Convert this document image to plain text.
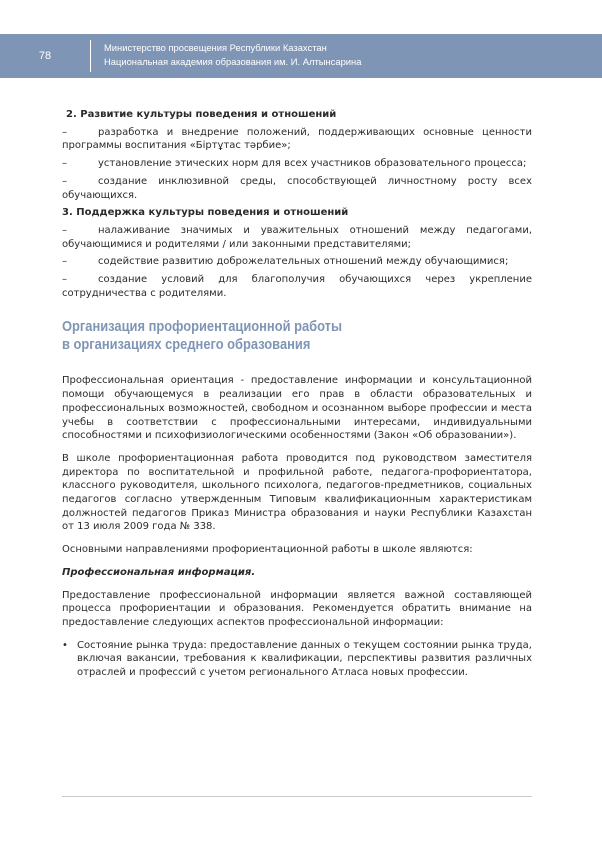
78
Министерство просвещения Республики Казахстан
Национальная академия образования им. И. Алтынсарина
2. Развитие культуры поведения и отношений
–	разработка и внедрение положений, поддерживающих основные ценности программы воспитания «Біртұтас тәрбие»;
–	установление этических норм для всех участников образовательного процесса;
–	создание инклюзивной среды, способствующей личностному росту всех обучающихся.
3. Поддержка культуры поведения и отношений
–	налаживание значимых и уважительных отношений между педагогами, обучающимися и родителями / или законными представителями;
–	содействие развитию доброжелательных отношений между обучающимися;
–	создание условий для благополучия обучающихся через укрепление сотрудничества с родителями.
Организация профориентационной работы
в организациях среднего образования

Профессиональная ориентация - предоставление информации и консультационной помощи обучающемуся в реализации его прав в области образовательных и профессиональных возможностей, свободном и осознанном выборе профессии и места учебы в соответствии с профессиональными интересами, индивидуальными способностями и психофизиологическими особенностями (Закон «Об образовании»).

В школе профориентационная работа проводится под руководством заместителя директора по воспитательной и профильной работе, педагога-профориентатора, классного руководителя, школьного психолога, педагогов-предметников, социальных педагогов согласно утвержденным Типовым квалификационным характеристикам должностей педагогов Приказ Министра образования и науки Республики Казахстан от 13 июля 2009 года № 338.

Основными направлениями профориентационной работы в школе являются:

Профессиональная информация.

Предоставление профессиональной информации является важной составляющей процесса профориентации и образования. Рекомендуется обратить внимание на предоставление следующих аспектов профессиональной информации:

• Состояние рынка труда: предоставление данных о текущем состоянии рынка труда, включая вакансии, требования к квалификации, перспективы развития различных отраслей и профессий с учетом регионального Атласа новых профессии.
